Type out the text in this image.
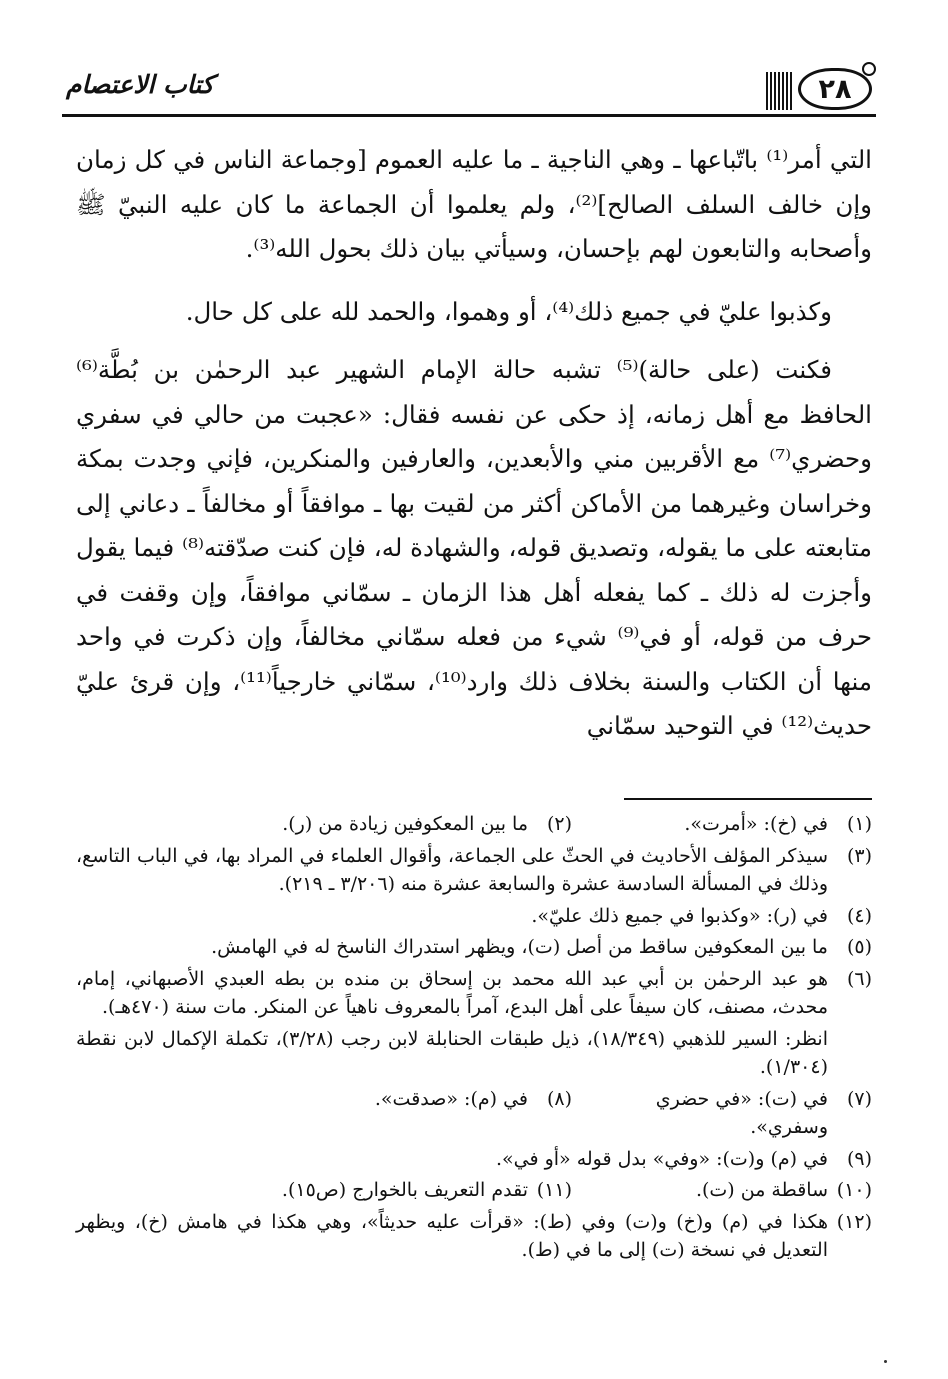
٢٨
كتاب الاعتصام

التي أمر⁽¹⁾ باتّباعها ـ وهي الناجية ـ ما عليه العموم [وجماعة الناس في كل زمان وإن خالف السلف الصالح]⁽²⁾، ولم يعلموا أن الجماعة ما كان عليه النبيّ ﷺ وأصحابه والتابعون لهم بإحسان، وسيأتي بيان ذلك بحول الله⁽³⁾.

وكذبوا عليّ في جميع ذلك⁽⁴⁾، أو وهموا، والحمد لله على كل حال.

فكنت (على حالة)⁽⁵⁾ تشبه حالة الإمام الشهير عبد الرحمٰن بن بُطَّة⁽⁶⁾ الحافظ مع أهل زمانه، إذ حكى عن نفسه فقال: «عجبت من حالي في سفري وحضري⁽⁷⁾ مع الأقربين مني والأبعدين، والعارفين والمنكرين، فإني وجدت بمكة وخراسان وغيرهما من الأماكن أكثر من لقيت بها ـ موافقاً أو مخالفاً ـ دعاني إلى متابعته على ما يقوله، وتصديق قوله، والشهادة له، فإن كنت صدّقته⁽⁸⁾ فيما يقول وأجزت له ذلك ـ كما يفعله أهل هذا الزمان ـ سمّاني موافقاً، وإن وقفت في حرف من قوله، أو في⁽⁹⁾ شيء من فعله سمّاني مخالفاً، وإن ذكرت في واحد منها أن الكتاب والسنة بخلاف ذلك وارد⁽¹⁰⁾، سمّاني خارجياً⁽¹¹⁾، وإن قرئ عليّ حديث⁽¹²⁾ في التوحيد سمّاني

(١)
في (خ): «أمرت».
(٢)
ما بين المعكوفين زيادة من (ر).
(٣)
سيذكر المؤلف الأحاديث في الحثّ على الجماعة، وأقوال العلماء في المراد بها، في الباب التاسع، وذلك في المسألة السادسة عشرة والسابعة عشرة منه (٣/٢٠٦ ـ ٢١٩).
(٤)
في (ر): «وكذبوا في جميع ذلك عليّ».
(٥)
ما بين المعكوفين ساقط من أصل (ت)، ويظهر استدراك الناسخ له في الهامش.
(٦)
هو عبد الرحمٰن بن أبي عبد الله محمد بن إسحاق بن منده بن بطه العبدي الأصبهاني، إمام، محدث، مصنف، كان سيفاً على أهل البدع، آمراً بالمعروف ناهياً عن المنكر. مات سنة (٤٧٠هـ).
انظر: السير للذهبي (١٨/٣٤٩)، ذيل طبقات الحنابلة لابن رجب (٣/٢٨)، تكملة الإكمال لابن نقطة (١/٣٠٤).
(٧)
في (ت): «في حضري وسفري».
(٨)
في (م): «صدقت».
(٩)
في (م) و(ت): «وفي» بدل قوله «أو في».
(١٠)
ساقطة من (ت).
(١١)
تقدم التعريف بالخوارج (ص١٥).
(١٢)
هكذا في (م) و(خ) و(ت) وفي (ط): «قرأت عليه حديثاً»، وهي هكذا في هامش (خ)، ويظهر التعديل في نسخة (ت) إلى ما في (ط).
